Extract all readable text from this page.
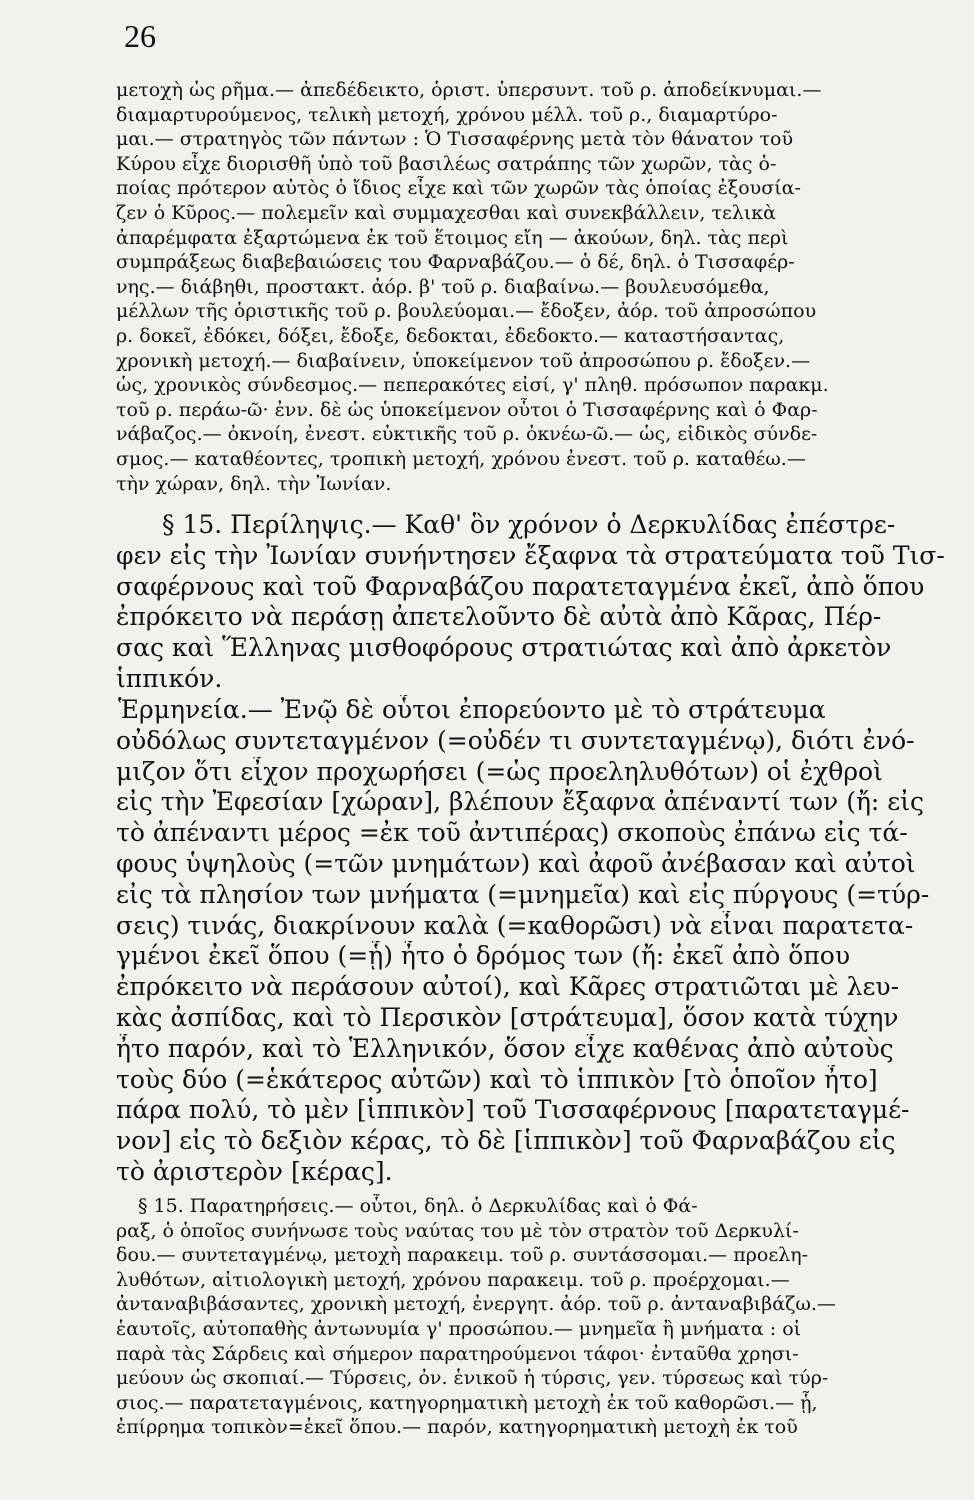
26
μετοχὴ ὡς ρῆμα.— ἀπεδέδεικτο, ὁριστ. ὑπερσυντ. τοῦ ρ. ἀποδείκνυμαι.—
διαμαρτυρούμενος, τελικὴ μετοχή, χρόνου μέλλ. τοῦ ρ., διαμαρτύρο-
μαι.— στρατηγὸς τῶν πάντων : Ὁ Τισσαφέρνης μετὰ τὸν θάνατον τοῦ
Κύρου εἶχε διορισθῆ ὑπὸ τοῦ βασιλέως σατράπης τῶν χωρῶν, τὰς ὁ-
ποίας πρότερον αὐτὸς ὁ ἴδιος εἶχε καὶ τῶν χωρῶν τὰς ὁποίας ἐξουσία-
ζεν ὁ Κῦρος.— πολεμεῖν καὶ συμμαχεσθαι καὶ συνεκβάλλειν, τελικὰ
ἀπαρέμφατα ἐξαρτώμενα ἐκ τοῦ ἕτοιμος εἴη — ἀκούων, δηλ. τὰς περὶ
συμπράξεως διαβεβαιώσεις του Φαρναβάζου.— ὁ δέ, δηλ. ὁ Τισσαφέρ-
νης.— διάβηθι, προστακτ. ἀόρ. β' τοῦ ρ. διαβαίνω.— βουλευσόμεθα,
μέλλων τῆς ὁριστικῆς τοῦ ρ. βουλεύομαι.— ἔδοξεν, ἀόρ. τοῦ ἀπροσώπου
ρ. δοκεῖ, ἐδόκει, δόξει, ἔδοξε, δεδοκται, ἐδεδοκτο.— καταστήσαντας,
χρονικὴ μετοχή.— διαβαίνειν, ὑποκείμενον τοῦ ἀπροσώπου ρ. ἔδοξεν.—
ὡς, χρονικὸς σύνδεσμος.— πεπερακότες εἰσί, γ' πληθ. πρόσωπον παρακμ.
τοῦ ρ. περάω-ῶ· ἐνν. δὲ ὡς ὑποκείμενον οὗτοι ὁ Τισσαφέρνης καὶ ὁ Φαρ-
νάβαζος.— ὀκνοίη, ἐνεστ. εὐκτικῆς τοῦ ρ. ὀκνέω-ῶ.— ὡς, εἰδικὸς σύνδε-
σμος.— καταθέοντες, τροπικὴ μετοχή, χρόνου ἐνεστ. τοῦ ρ. καταθέω.—
τὴν χώραν, δηλ. τὴν Ἰωνίαν.
§ 15. Περίληψις.— Καθ' ὃν χρόνον ὁ Δερκυλίδας ἐπέστρε-
φεν εἰς τὴν Ἰωνίαν συνήντησεν ἔξαφνα τὰ στρατεύματα τοῦ Τισ-
σαφέρνους καὶ τοῦ Φαρναβάζου παρατεταγμένα ἐκεῖ, ἀπὸ ὅπου
ἐπρόκειτο νὰ περάσῃ ἀπετελοῦντο δὲ αὐτὰ ἀπὸ Κᾶρας, Πέρ-
σας καὶ Ἕλληνας μισθοφόρους στρατιώτας καὶ ἀπὸ ἀρκετὸν
ἱππικόν.
Ἑρμηνεία.— Ἐνῷ δὲ οὗτοι ἐπορεύοντο μὲ τὸ στράτευμα
οὐδόλως συντεταγμένον (=οὐδέν τι συντεταγμένῳ), διότι ἐνό-
μιζον ὅτι εἶχον προχωρήσει (=ὡς προεληλυθότων) οἱ ἐχθροὶ
εἰς τὴν Ἐφεσίαν [χώραν], βλέπουν ἔξαφνα ἀπέναντί των (ἤ: εἰς
τὸ ἀπέναντι μέρος =ἐκ τοῦ ἀντιπέρας) σκοποὺς ἐπάνω εἰς τά-
φους ὑψηλοὺς (=τῶν μνημάτων) καὶ ἀφοῦ ἀνέβασαν καὶ αὐτοὶ
εἰς τὰ πλησίον των μνήματα (=μνημεῖα) καὶ εἰς πύργους (=τύρ-
σεις) τινάς, διακρίνουν καλὰ (=καθορῶσι) νὰ εἶναι παρατετα-
γμένοι ἐκεῖ ὅπου (=ᾗ) ἦτο ὁ δρόμος των (ἤ: ἐκεῖ ἀπὸ ὅπου
ἐπρόκειτο νὰ περάσουν αὐτοί), καὶ Κᾶρες στρατιῶται μὲ λευ-
κὰς ἀσπίδας, καὶ τὸ Περσικὸν [στράτευμα], ὅσον κατὰ τύχην
ἦτο παρόν, καὶ τὸ Ἑλληνικόν, ὅσον εἶχε καθένας ἀπὸ αὐτοὺς
τοὺς δύο (=ἑκάτερος αὐτῶν) καὶ τὸ ἱππικὸν [τὸ ὁποῖον ἦτο]
πάρα πολύ, τὸ μὲν [ἱππικὸν] τοῦ Τισσαφέρνους [παρατεταγμέ-
νον] εἰς τὸ δεξιὸν κέρας, τὸ δὲ [ἱππικὸν] τοῦ Φαρναβάζου εἰς
τὸ ἀριστερὸν [κέρας].
§ 15. Παρατηρήσεις.— οὗτοι, δηλ. ὁ Δερκυλίδας καὶ ὁ Φά-
ραξ, ὁ ὁποῖος συνήνωσε τοὺς ναύτας του μὲ τὸν στρατὸν τοῦ Δερκυλί-
δου.— συντεταγμένῳ, μετοχὴ παρακειμ. τοῦ ρ. συντάσσομαι.— προελη-
λυθότων, αἰτιολογικὴ μετοχή, χρόνου παρακειμ. τοῦ ρ. προέρχομαι.—
ἀνταναβιβάσαντες, χρονικὴ μετοχή, ἐνεργητ. ἀόρ. τοῦ ρ. ἀνταναβιβάζω.—
ἑαυτοῖς, αὐτοπαθὴς ἀντωνυμία γ' προσώπου.— μνημεῖα ἢ μνήματα : οἱ
παρὰ τὰς Σάρδεις καὶ σήμερον παρατηρούμενοι τάφοι· ἐνταῦθα χρησι-
μεύουν ὡς σκοπιαί.— Τύρσεις, ὀν. ἑνικοῦ ἡ τύρσις, γεν. τύρσεως καὶ τύρ-
σιος.— παρατεταγμένοις, κατηγορηματικὴ μετοχὴ ἐκ τοῦ καθορῶσι.— ᾗ,
ἐπίρρημα τοπικὸν=ἐκεῖ ὅπου.— παρόν, κατηγορηματικὴ μετοχὴ ἐκ τοῦ
